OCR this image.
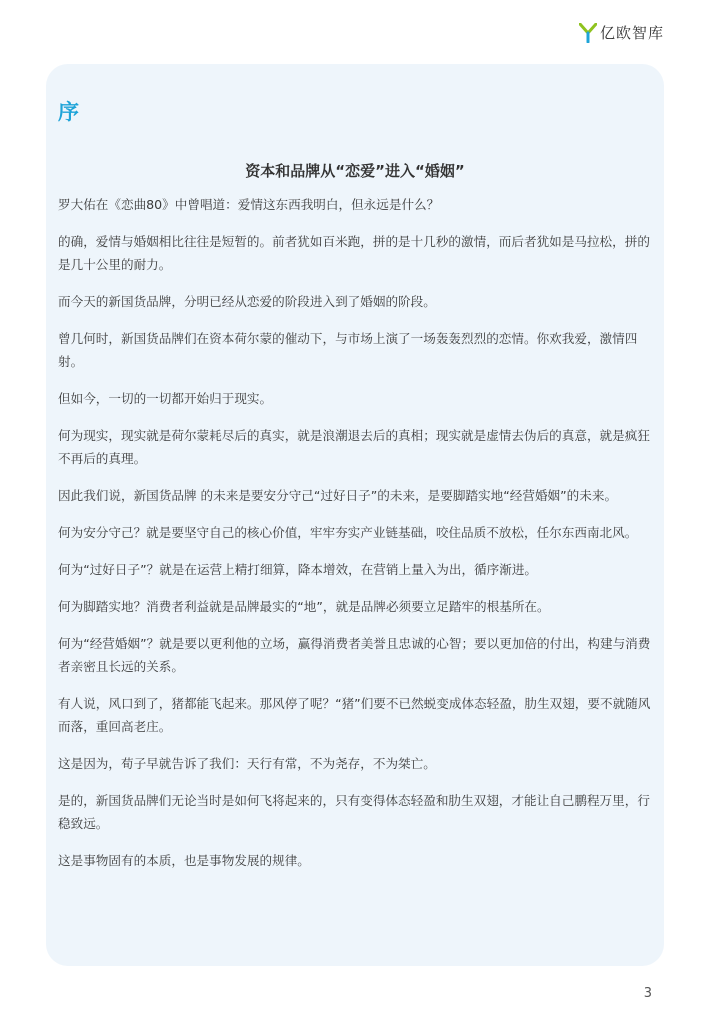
亿欧智库
序
资本和品牌从“恋爱”进入“婚姻”

罗大佑在《恋曲80》中曾唱道：爱情这东西我明白，但永远是什么？

的确，爱情与婚姻相比往往是短暂的。前者犹如百米跑，拼的是十几秒的激情，而后者犹如是马拉松，拼的是几十公里的耐力。

而今天的新国货品牌，分明已经从恋爱的阶段进入到了婚姻的阶段。

曾几何时，新国货品牌们在资本荷尔蒙的催动下，与市场上演了一场轰轰烈烈的恋情。你欢我爱，激情四射。

但如今，一切的一切都开始归于现实。

何为现实，现实就是荷尔蒙耗尽后的真实，就是浪潮退去后的真相；现实就是虚情去伪后的真意，就是疯狂不再后的真理。

因此我们说，新国货品牌 的未来是要安分守己“过好日子”的未来，是要脚踏实地“经营婚姻”的未来。

何为安分守己？就是要坚守自己的核心价值，牢牢夯实产业链基础，咬住品质不放松，任尔东西南北风。

何为“过好日子”？就是在运营上精打细算，降本增效，在营销上量入为出，循序渐进。

何为脚踏实地？消费者利益就是品牌最实的“地”，就是品牌必须要立足踏牢的根基所在。

何为“经营婚姻”？就是要以更利他的立场，赢得消费者美誉且忠诚的心智；要以更加倍的付出，构建与消费者亲密且长远的关系。

有人说，风口到了，猪都能飞起来。那风停了呢？“猪”们要不已然蜕变成体态轻盈，肋生双翅，要不就随风而落，重回高老庄。

这是因为，荀子早就告诉了我们：天行有常，不为尧存，不为桀亡。

是的，新国货品牌们无论当时是如何飞将起来的，只有变得体态轻盈和肋生双翅，才能让自己鹏程万里，行稳致远。

这是事物固有的本质，也是事物发展的规律。

3
